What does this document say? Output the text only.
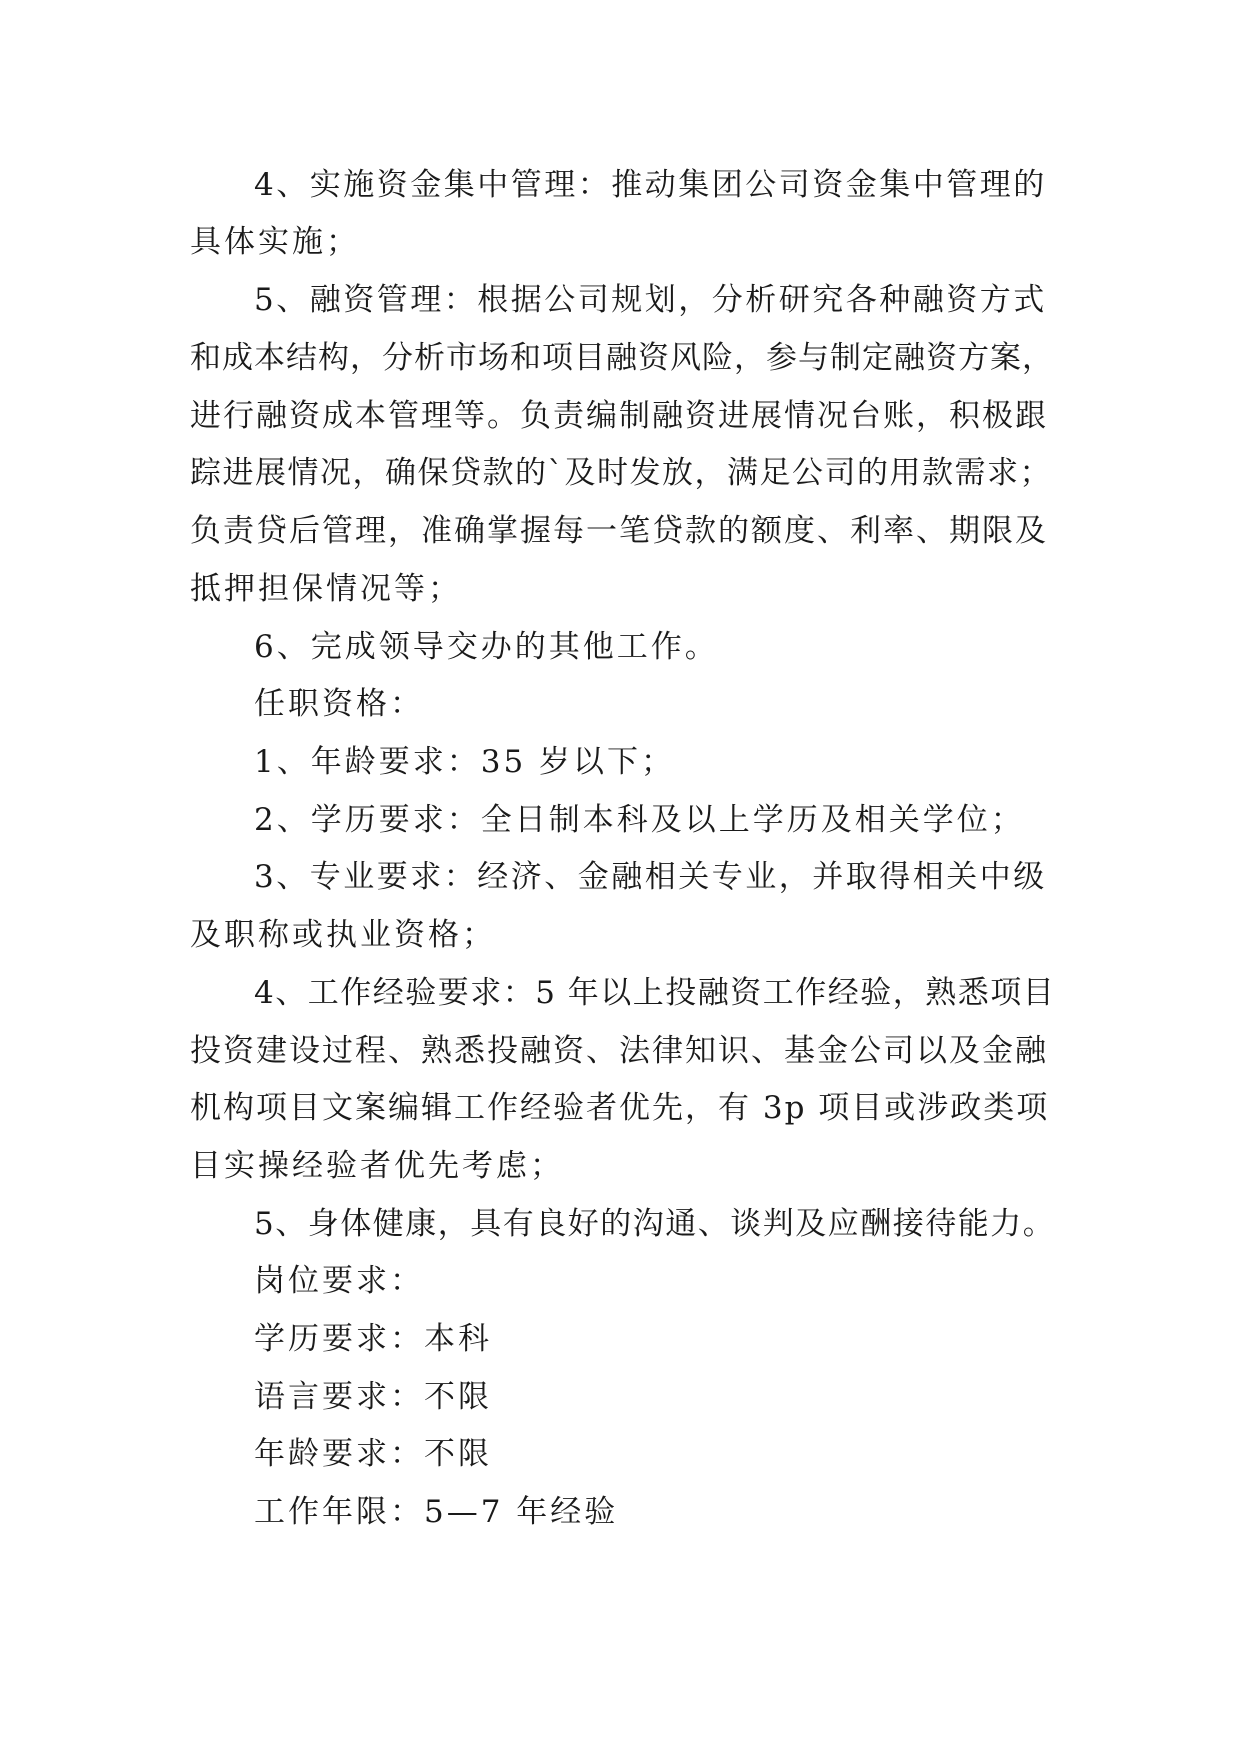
4、实施资金集中管理：推动集团公司资金集中管理的
具体实施；
5、融资管理：根据公司规划，分析研究各种融资方式
和成本结构，分析市场和项目融资风险，参与制定融资方案，
进行融资成本管理等。负责编制融资进展情况台账，积极跟
踪进展情况，确保贷款的`及时发放，满足公司的用款需求；
负责贷后管理，准确掌握每一笔贷款的额度、利率、期限及
抵押担保情况等；
6、完成领导交办的其他工作。
任职资格：
1、年龄要求：35 岁以下；
2、学历要求：全日制本科及以上学历及相关学位；
3、专业要求：经济、金融相关专业，并取得相关中级
及职称或执业资格；
4、工作经验要求：5 年以上投融资工作经验，熟悉项目
投资建设过程、熟悉投融资、法律知识、基金公司以及金融
机构项目文案编辑工作经验者优先，有 3p 项目或涉政类项
目实操经验者优先考虑；
5、身体健康，具有良好的沟通、谈判及应酬接待能力。
岗位要求：
学历要求：本科
语言要求：不限
年龄要求：不限
工作年限：5—7 年经验
